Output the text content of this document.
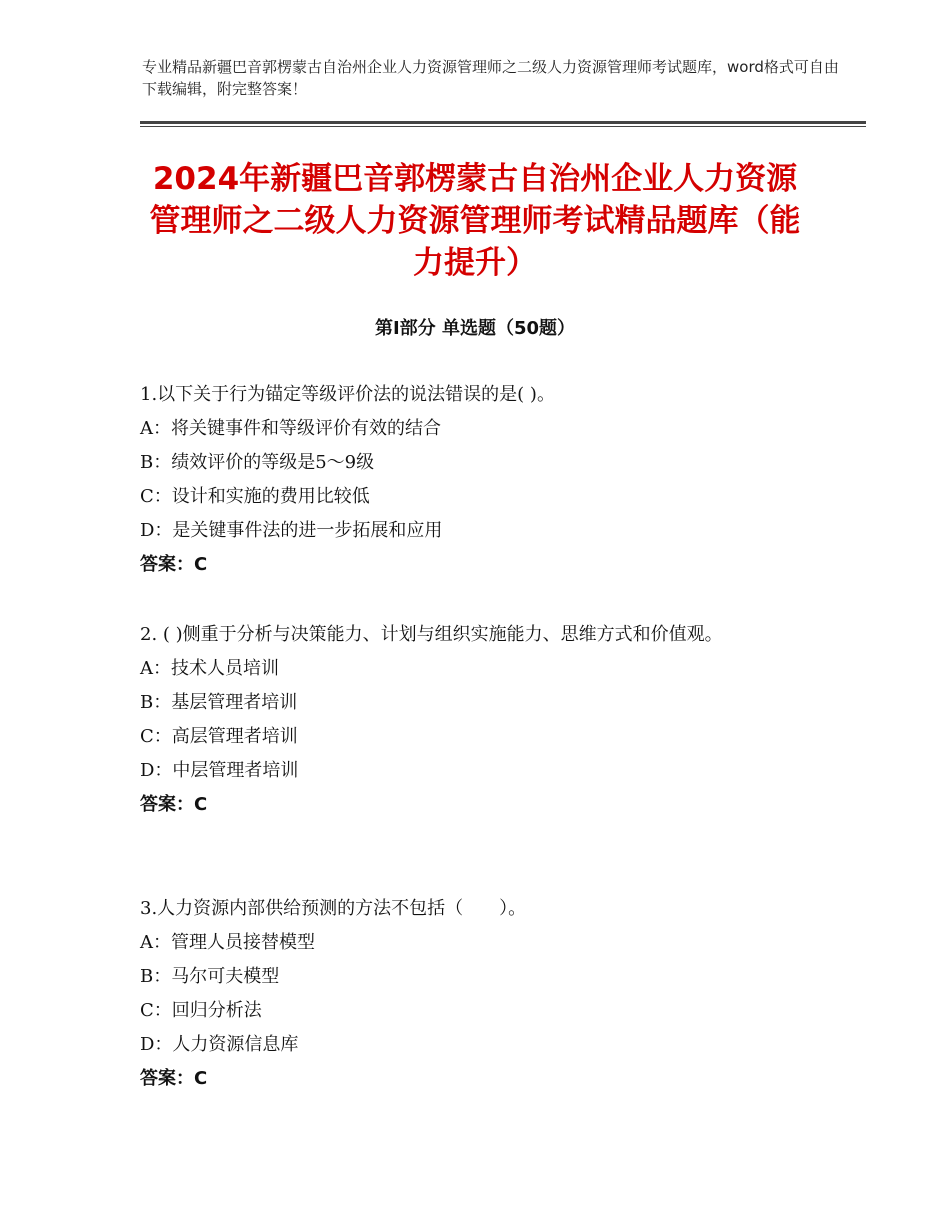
专业精品新疆巴音郭楞蒙古自治州企业人力资源管理师之二级人力资源管理师考试题库，word格式可自由下载编辑，附完整答案！
2024年新疆巴音郭楞蒙古自治州企业人力资源管理师之二级人力资源管理师考试精品题库（能力提升）
第Ⅰ部分 单选题（50题）

1.以下关于行为锚定等级评价法的说法错误的是( )。

A：将关键事件和等级评价有效的结合

B：绩效评价的等级是5～9级

C：设计和实施的费用比较低

D：是关键事件法的进一步拓展和应用

答案：C

2. ( )侧重于分析与决策能力、计划与组织实施能力、思维方式和价值观。

A：技术人员培训

B：基层管理者培训

C：高层管理者培训

D：中层管理者培训

答案：C

3.人力资源内部供给预测的方法不包括（　　）。

A：管理人员接替模型

B：马尔可夫模型

C：回归分析法

D：人力资源信息库

答案：C
